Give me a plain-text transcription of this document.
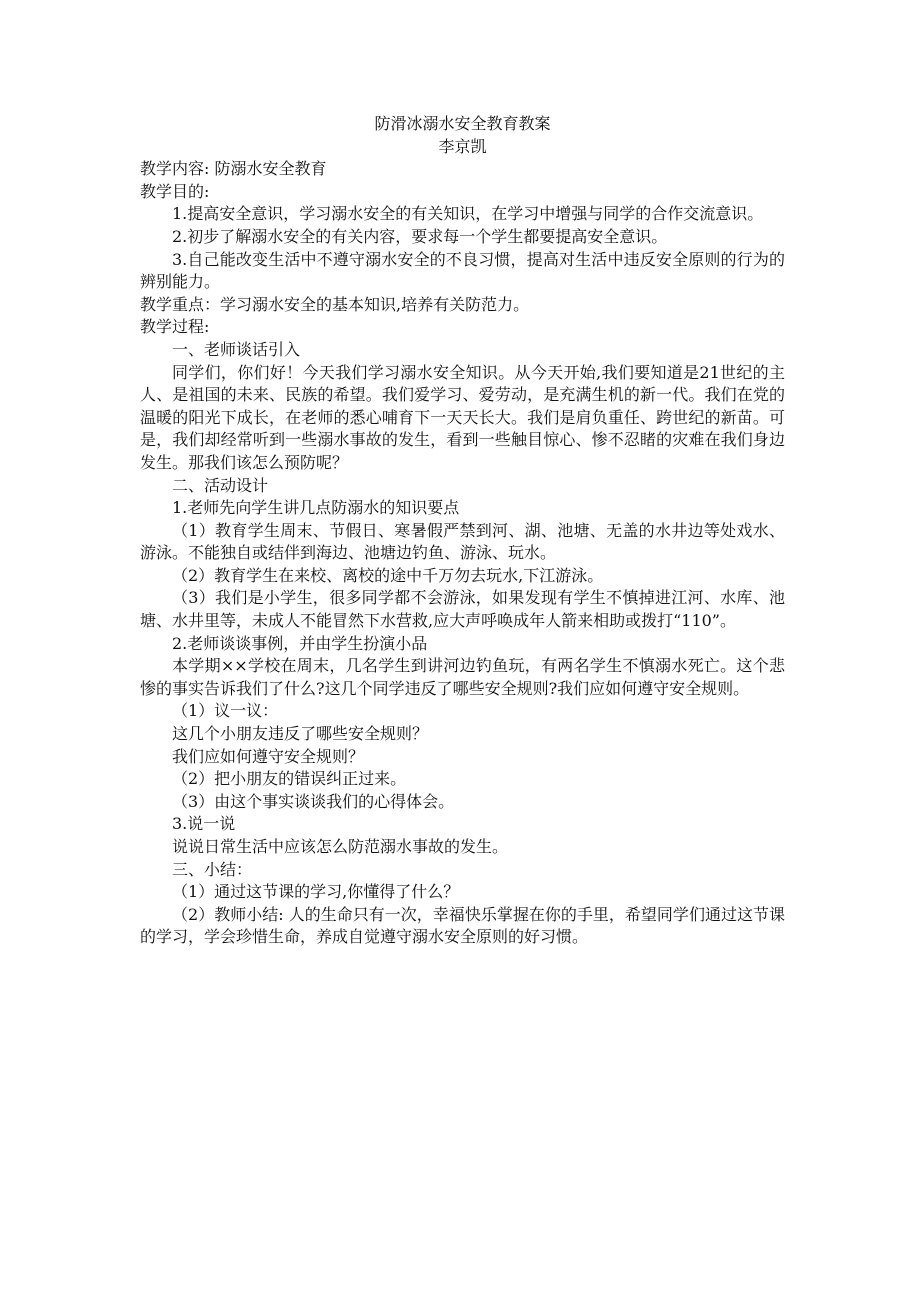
防滑冰溺水安全教育教案

李京凯

教学内容: 防溺水安全教育

教学目的:

1.提高安全意识，学习溺水安全的有关知识，在学习中增强与同学的合作交流意识。

2.初步了解溺水安全的有关内容，要求每一个学生都要提高安全意识。

3.自己能改变生活中不遵守溺水安全的不良习惯，提高对生活中违反安全原则的行为的辨别能力。

教学重点：学习溺水安全的基本知识,培养有关防范力。

教学过程:

一、老师谈话引入

同学们，你们好！今天我们学习溺水安全知识。从今天开始,我们要知道是21世纪的主人、是祖国的未来、民族的希望。我们爱学习、爱劳动，是充满生机的新一代。我们在党的温暖的阳光下成长，在老师的悉心哺育下一天天长大。我们是肩负重任、跨世纪的新苗。可是，我们却经常听到一些溺水事故的发生，看到一些触目惊心、惨不忍睹的灾难在我们身边发生。那我们该怎么预防呢？

二、活动设计

1.老师先向学生讲几点防溺水的知识要点

（1）教育学生周末、节假日、寒暑假严禁到河、湖、池塘、无盖的水井边等处戏水、游泳。不能独自或结伴到海边、池塘边钓鱼、游泳、玩水。

（2）教育学生在来校、离校的途中千万勿去玩水,下江游泳。

（3）我们是小学生，很多同学都不会游泳，如果发现有学生不慎掉进江河、水库、池塘、水井里等，未成人不能冒然下水营救,应大声呼唤成年人箭来相助或拨打“110”。

2.老师谈谈事例，并由学生扮演小品

本学期××学校在周末，几名学生到讲河边钓鱼玩，有两名学生不慎溺水死亡。这个悲惨的事实告诉我们了什么?这几个同学违反了哪些安全规则?我们应如何遵守安全规则。

（1）议一议：

这几个小朋友违反了哪些安全规则？

我们应如何遵守安全规则？

（2）把小朋友的错误纠正过来。

（3）由这个事实谈谈我们的心得体会。

3.说一说

说说日常生活中应该怎么防范溺水事故的发生。

三、小结：

（1）通过这节课的学习,你懂得了什么？

（2）教师小结: 人的生命只有一次，幸福快乐掌握在你的手里，希望同学们通过这节课的学习，学会珍惜生命，养成自觉遵守溺水安全原则的好习惯。
